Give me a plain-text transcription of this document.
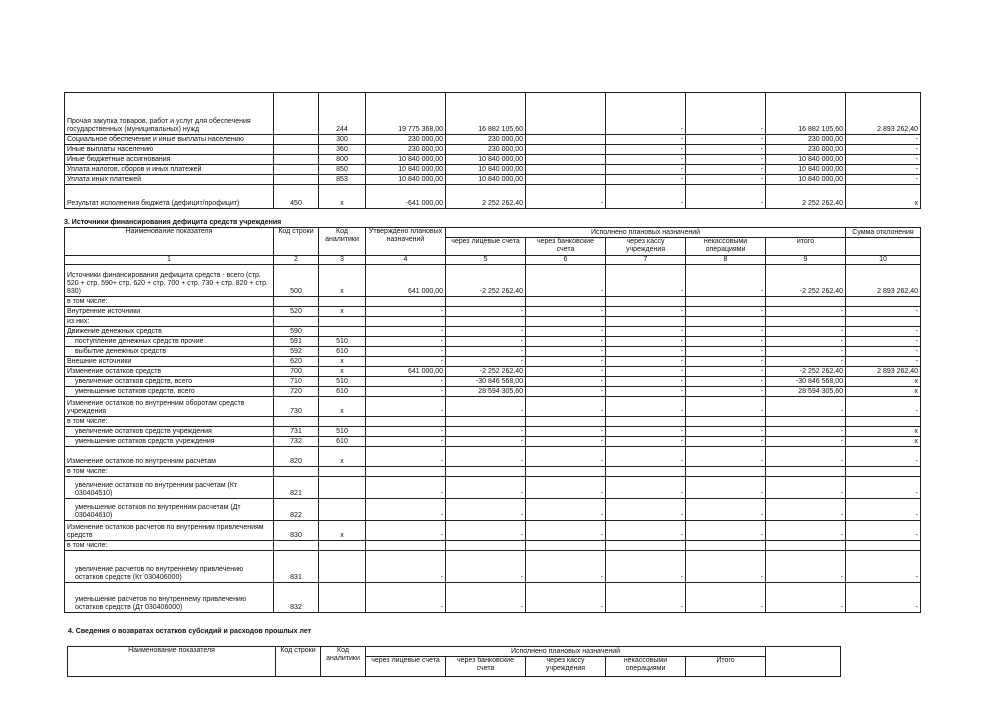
Прочая закупка товаров, работ и услуг для обеспечения государственных (муниципальных) нужд		244	19 775 368,00	16 882 105,60		-	-	16 882 105,60	2 893 262,40
Социальное обеспечение и иные выплаты населению		300	230 000,00	230 000,00		-	-	230 000,00	-
Иные выплаты населению		360	230 000,00	230 000,00		-	-	230 000,00	-
Иные бюджетные ассигнования		800	10 840 000,00	10 840 000,00		-	-	10 840 000,00	-
Уплата налогов, сборов и иных платежей		850	10 840 000,00	10 840 000,00		-	-	10 840 000,00	-
Уплата иных платежей		853	10 840 000,00	10 840 000,00		-	-	10 840 000,00	-
Результат исполнения бюджета (дефицит/профицит)	450	x	-641 000,00	2 252 262,40	-	-	-	2 252 262,40	x
3. Источники финансирования дефицита средств учреждения
Наименование показателя	Код строки	Код аналитики	Утверждено плановых назначений	Исполнено плановых назначений					Сумма отклонения
				через лицевые счета	через банковские счета	через кассу учреждения	некассовыми операциями	итого	
1	2	3	4	5	6	7	8	9	10
Источники финансирования дефицита средств - всего (стр. 520 + стр. 590+ стр. 620 + стр. 700 + стр. 730 + стр. 820 + стр. 830)	500	x	641 000,00	-2 252 262,40	-	-	-	-2 252 262,40	2 893 262,40
в том числе:									
Внутренние источники	520	x	-	-	-	-	-	-	-
из них:									
Движение денежных средств	590		-	-	-	-	-	-	-
поступление денежных средств прочие	591	510	-	-	-	-	-	-	-
выбытие денежных средств	592	610	-	-	-	-	-	-	-
Внешние источники	620	x	-	-	-	-	-	-	-
Изменение остатков средств	700	x	641 000,00	-2 252 262,40	-	-	-	-2 252 262,40	2 893 262,40
увеличение остатков средств, всего	710	510	-	-30 846 568,00	-	-	-	-30 846 568,00	x
уменьшение остатков средств, всего	720	610	-	28 594 305,60	-	-	-	28 594 305,60	x
Изменение остатков по внутренним оборотам средств учреждения	730	x	-	-	-	-	-	-	-
в том числе:									
увеличение остатков средств учреждения	731	510	-	-	-	-	-	-	x
уменьшение остатков средств учреждения	732	610	-	-	-	-	-	-	x
Изменение остатков по внутренним расчетам	820	x	-	-	-	-	-	-	-
в том числе:									
увеличение остатков по внутренним расчетам (Кт 030404510)	821		-	-	-	-	-	-	-
уменьшение остатков по внутренним расчетам (Дт 030404610)	822		-	-	-	-	-	-	-
Изменение остатков расчетов по внутренним привлечениям средств	830	x	-	-	-	-	-	-	-
в том числе:									
увеличение расчетов по внутреннему привлечению остатков средств (Кт 030406000)	831		-	-	-	-	-	-	-
уменьшение расчетов по внутреннему привлечению остатков средств (Дт 030406000)	832		-	-	-	-	-	-	-
4. Сведения о возвратах остатков субсидий и расходов прошлых лет
Наименование показателя	Код строки	Код аналитики	Исполнено плановых назначений					
			через лицевые счета	через банковские счета	через кассу учреждения	некассовыми операциями	Итого	
